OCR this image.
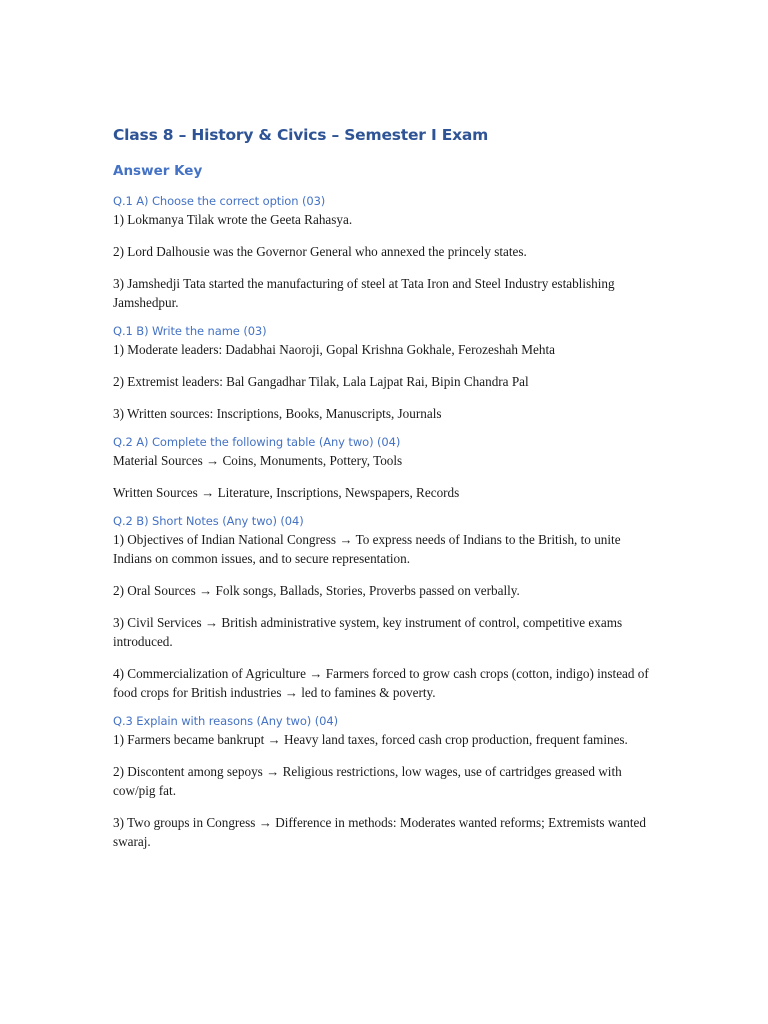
Class 8 – History & Civics – Semester I Exam
Answer Key
Q.1 A) Choose the correct option (03)

1) Lokmanya Tilak wrote the Geeta Rahasya.

2) Lord Dalhousie was the Governor General who annexed the princely states.

3) Jamshedji Tata started the manufacturing of steel at Tata Iron and Steel Industry establishing Jamshedpur.

Q.1 B) Write the name (03)

1) Moderate leaders: Dadabhai Naoroji, Gopal Krishna Gokhale, Ferozeshah Mehta

2) Extremist leaders: Bal Gangadhar Tilak, Lala Lajpat Rai, Bipin Chandra Pal

3) Written sources: Inscriptions, Books, Manuscripts, Journals

Q.2 A) Complete the following table (Any two) (04)

Material Sources → Coins, Monuments, Pottery, Tools

Written Sources → Literature, Inscriptions, Newspapers, Records

Q.2 B) Short Notes (Any two) (04)

1) Objectives of Indian National Congress → To express needs of Indians to the British, to unite Indians on common issues, and to secure representation.

2) Oral Sources → Folk songs, Ballads, Stories, Proverbs passed on verbally.

3) Civil Services → British administrative system, key instrument of control, competitive exams introduced.

4) Commercialization of Agriculture → Farmers forced to grow cash crops (cotton, indigo) instead of food crops for British industries → led to famines & poverty.

Q.3 Explain with reasons (Any two) (04)

1) Farmers became bankrupt → Heavy land taxes, forced cash crop production, frequent famines.

2) Discontent among sepoys → Religious restrictions, low wages, use of cartridges greased with cow/pig fat.

3) Two groups in Congress → Difference in methods: Moderates wanted reforms; Extremists wanted swaraj.
